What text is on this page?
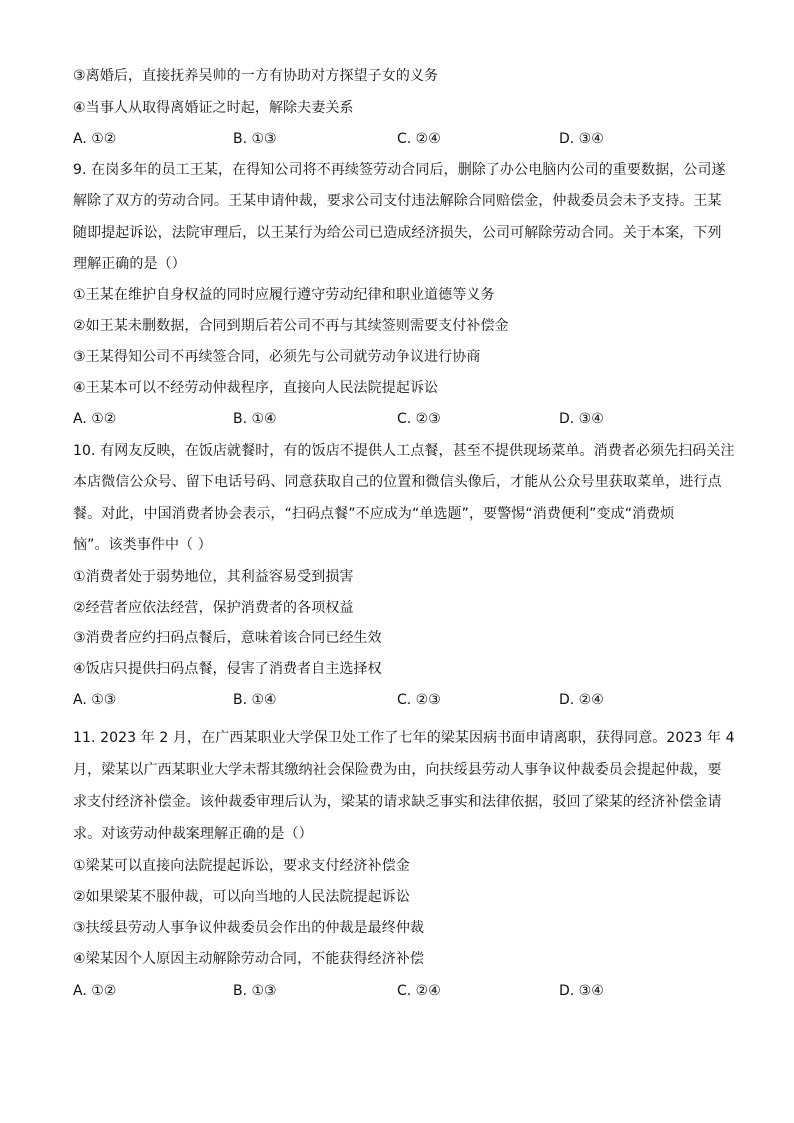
③离婚后，直接抚养吴帅的一方有协助对方探望子女的义务
④当事人从取得离婚证之时起，解除夫妻关系
A. ①②	B. ①③	C. ②④	D. ③④
9. 在岗多年的员工王某，在得知公司将不再续签劳动合同后，删除了办公电脑内公司的重要数据，公司遂
解除了双方的劳动合同。王某申请仲裁，要求公司支付违法解除合同赔偿金，仲裁委员会未予支持。王某
随即提起诉讼，法院审理后，以王某行为给公司已造成经济损失，公司可解除劳动合同。关于本案，下列
理解正确的是（）
①王某在维护自身权益的同时应履行遵守劳动纪律和职业道德等义务
②如王某未删数据，合同到期后若公司不再与其续签则需要支付补偿金
③王某得知公司不再续签合同，必须先与公司就劳动争议进行协商
④王某本可以不经劳动仲裁程序，直接向人民法院提起诉讼
A. ①②	B. ①④	C. ②③	D. ③④
10. 有网友反映，在饭店就餐时，有的饭店不提供人工点餐，甚至不提供现场菜单。消费者必须先扫码关注
本店微信公众号、留下电话号码、同意获取自己的位置和微信头像后，才能从公众号里获取菜单，进行点
餐。对此，中国消费者协会表示，“扫码点餐”不应成为“单选题”，要警惕“消费便利”变成“消费烦
恼”。该类事件中（ ）
①消费者处于弱势地位，其利益容易受到损害
②经营者应依法经营，保护消费者的各项权益
③消费者应约扫码点餐后，意味着该合同已经生效
④饭店只提供扫码点餐，侵害了消费者自主选择权
A. ①③	B. ①④	C. ②③	D. ②④
11. 2023 年 2 月，在广西某职业大学保卫处工作了七年的梁某因病书面申请离职，获得同意。2023 年 4
月，梁某以广西某职业大学未帮其缴纳社会保险费为由，向扶绥县劳动人事争议仲裁委员会提起仲裁，要
求支付经济补偿金。该仲裁委审理后认为，梁某的请求缺乏事实和法律依据，驳回了梁某的经济补偿金请
求。对该劳动仲裁案理解正确的是（）
①梁某可以直接向法院提起诉讼，要求支付经济补偿金
②如果梁某不服仲裁，可以向当地的人民法院提起诉讼
③扶绥县劳动人事争议仲裁委员会作出的仲裁是最终仲裁
④梁某因个人原因主动解除劳动合同，不能获得经济补偿
A. ①②	B. ①③	C. ②④	D. ③④
